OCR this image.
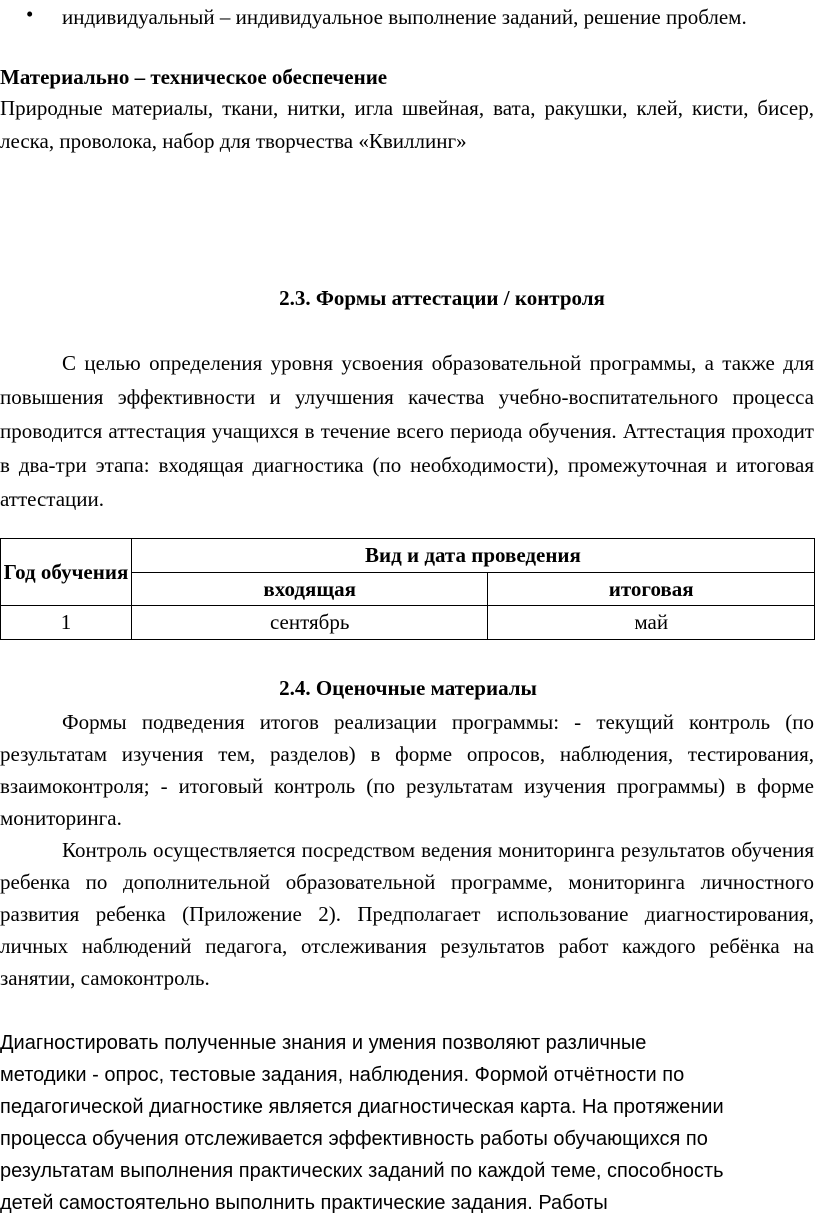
• индивидуальный – индивидуальное выполнение заданий, решение проблем.
Материально – техническое обеспечение
Природные материалы, ткани, нитки, игла швейная, вата, ракушки, клей, кисти, бисер, леска, проволока, набор для творчества «Квиллинг»
2.3. Формы аттестации / контроля
С целью определения уровня усвоения образовательной программы, а также для повышения эффективности и улучшения качества учебно-воспитательного процесса проводится аттестация учащихся в течение всего периода обучения. Аттестация проходит в два-три этапа: входящая диагностика (по необходимости), промежуточная и итоговая аттестации.
Год обучения	Вид и дата проведения	
	входящая	итоговая
1	сентябрь	май
2.4. Оценочные материалы

Формы подведения итогов реализации программы: - текущий контроль (по результатам изучения тем, разделов) в форме опросов, наблюдения, тестирования, взаимоконтроля; - итоговый контроль (по результатам изучения программы) в форме мониторинга.

Контроль осуществляется посредством ведения мониторинга результатов обучения ребенка по дополнительной образовательной программе, мониторинга личностного развития ребенка (Приложение 2). Предполагает использование диагностирования, личных наблюдений педагога, отслеживания результатов работ каждого ребёнка на занятии, самоконтроль.

Диагностировать полученные знания и умения позволяют различные

методики - опрос, тестовые задания, наблюдения. Формой отчётности по

педагогической диагностике является диагностическая карта. На протяжении

процесса обучения отслеживается эффективность работы обучающихся по

результатам выполнения практических заданий по каждой теме, способность

детей самостоятельно выполнить практические задания. Работы
